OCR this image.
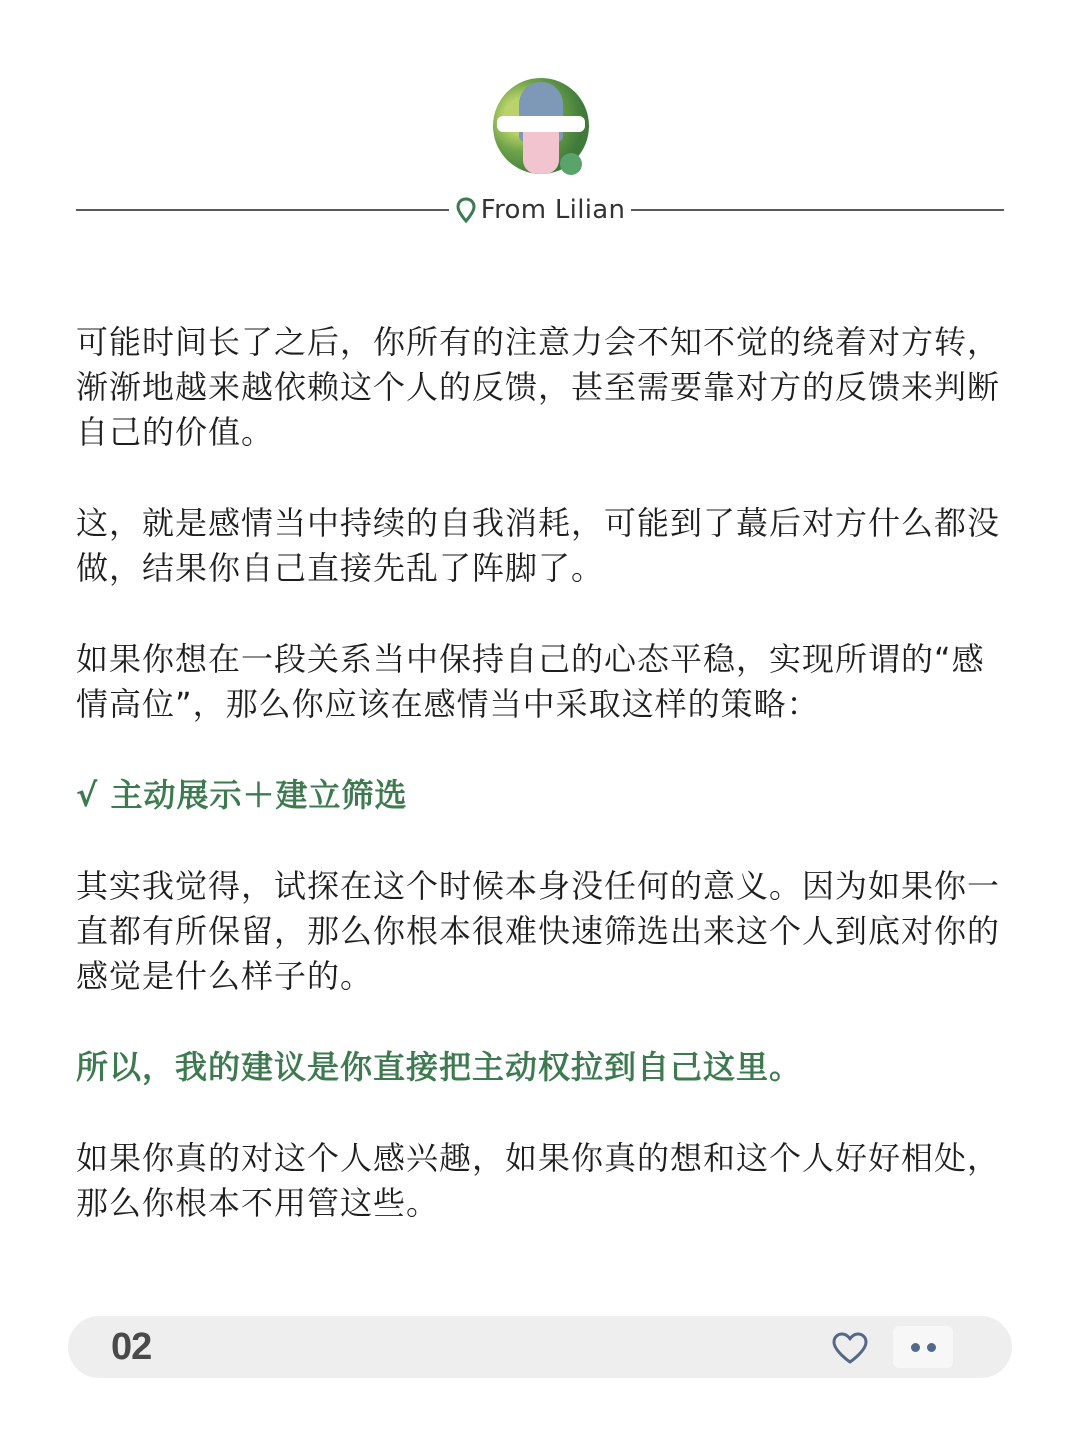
From Lilian

可能时间长了之后，你所有的注意力会不知不觉的绕着对方转，渐渐地越来越依赖这个人的反馈，甚至需要靠对方的反馈来判断自己的价值。

这，就是感情当中持续的自我消耗，可能到了蕞后对方什么都没做，结果你自己直接先乱了阵脚了。

如果你想在一段关系当中保持自己的心态平稳，实现所谓的“感情高位”，那么你应该在感情当中采取这样的策略：

√ 主动展示＋建立筛选

其实我觉得，试探在这个时候本身没任何的意义。因为如果你一直都有所保留，那么你根本很难快速筛选出来这个人到底对你的感觉是什么样子的。

所以，我的建议是你直接把主动权拉到自己这里。

如果你真的对这个人感兴趣，如果你真的想和这个人好好相处，那么你根本不用管这些。

02
